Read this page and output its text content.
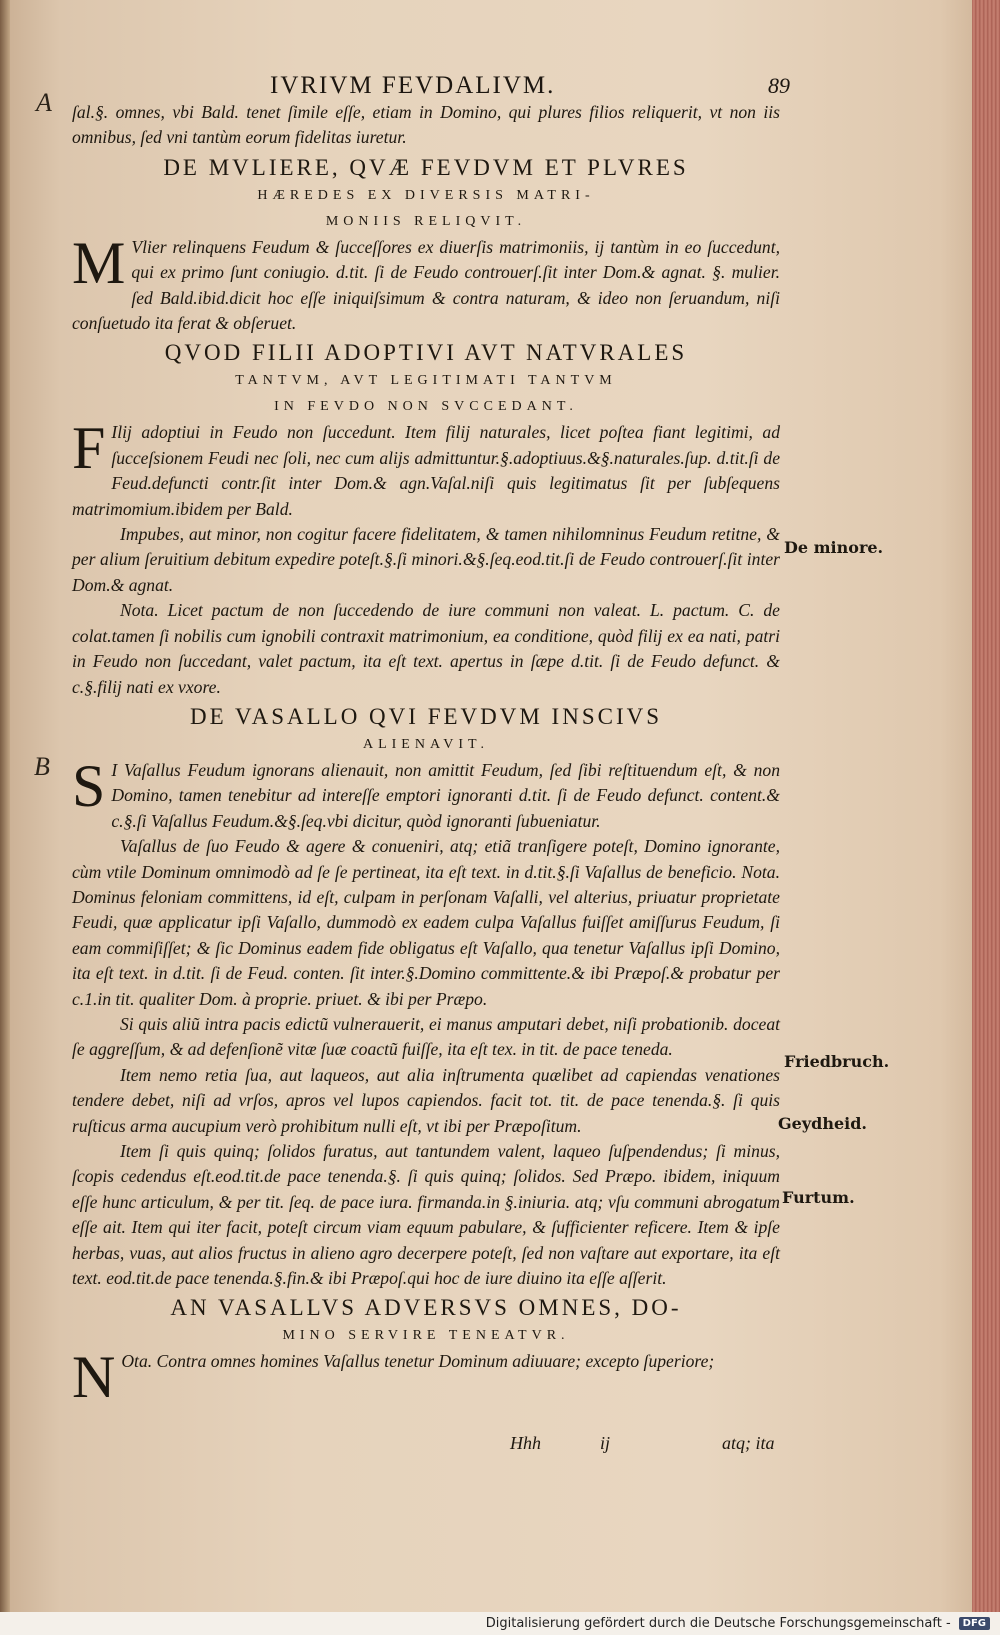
IVRIVM FEVDALIVM.	89
A
B

ſal.§. omnes, vbi Bald. tenet ſimile eſſe, etiam in Domino, qui plures filios reliquerit, vt non iis omnibus, ſed vni tantùm eorum fidelitas iuretur.

DE MVLIERE, QVÆ FEVDVM ET PLVRES

HÆREDES EX DIVERSIS MATRI-

MONIIS RELIQVIT.

M Vlier relinquens Feudum & ſucceſſores ex diuerſis matrimoniis, ij tantùm in eo ſuccedunt, qui ex primo ſunt coniugio. d.tit. ſi de Feudo controuerſ.ſit inter Dom.& agnat. §. mulier. ſed Bald.ibid.dicit hoc eſſe iniquiſsimum & contra naturam, & ideo non ſeruandum, niſi conſuetudo ita ferat & obſeruet.

QVOD FILII ADOPTIVI AVT NATVRALES

TANTVM, AVT LEGITIMATI TANTVM

IN FEVDO NON SVCCEDANT.

F Ilij adoptiui in Feudo non ſuccedunt. Item filij naturales, licet poſtea fiant legitimi, ad ſucceſsionem Feudi nec ſoli, nec cum alijs admittuntur.§.adoptiuus.&§.naturales.ſup. d.tit.ſi de Feud.defuncti contr.ſit inter Dom.& agn.Vaſal.niſi quis legitimatus ſit per ſubſequens matrimomium.ibidem per Bald.

Impubes, aut minor, non cogitur facere fidelitatem, & tamen nihilomninus Feudum retitne, & per alium ſeruitium debitum expedire poteſt.§.ſi minori.&§.ſeq.eod.tit.ſi de Feudo controuerſ.ſit inter Dom.& agnat.

Nota. Licet pactum de non ſuccedendo de iure communi non valeat. L. pactum. C. de colat.tamen ſi nobilis cum ignobili contraxit matrimonium, ea conditione, quòd filij ex ea nati, patri in Feudo non ſuccedant, valet pactum, ita eſt text. apertus in ſæpe d.tit. ſi de Feudo defunct. & c.§.filij nati ex vxore.

DE VASALLO QVI FEVDVM INSCIVS

ALIENAVIT.

S I Vaſallus Feudum ignorans alienauit, non amittit Feudum, ſed ſibi reſtituendum eſt, & non Domino, tamen tenebitur ad intereſſe emptori ignoranti d.tit. ſi de Feudo defunct. content.& c.§.ſi Vaſallus Feudum.&§.ſeq.vbi dicitur, quòd ignoranti ſubueniatur.

Vaſallus de ſuo Feudo & agere & conueniri, atq; etiã tranſigere poteſt, Domino ignorante, cùm vtile Dominum omnimodò ad ſe ſe pertineat, ita eſt text. in d.tit.§.ſi Vaſallus de beneficio. Nota. Dominus feloniam committens, id eſt, culpam in perſonam Vaſalli, vel alterius, priuatur proprietate Feudi, quæ applicatur ipſi Vaſallo, dummodò ex eadem culpa Vaſallus fuiſſet amiſſurus Feudum, ſi eam commiſiſſet; & ſic Dominus eadem fide obligatus eſt Vaſallo, qua tenetur Vaſallus ipſi Domino, ita eſt text. in d.tit. ſi de Feud. conten. ſit inter.§.Domino committente.& ibi Præpoſ.& probatur per c.1.in tit. qualiter Dom. à proprie. priuet. & ibi per Præpo.

Si quis aliũ intra pacis edictũ vulnerauerit, ei manus amputari debet, niſi probationib. doceat ſe aggreſſum, & ad defenſionẽ vitæ ſuæ coactũ fuiſſe, ita eſt tex. in tit. de pace teneda.

Item nemo retia ſua, aut laqueos, aut alia inſtrumenta quælibet ad capiendas venationes tendere debet, niſi ad vrſos, apros vel lupos capiendos. facit tot. tit. de pace tenenda.§. ſi quis ruſticus arma aucupium verò prohibitum nulli eſt, vt ibi per Præpoſitum.

Item ſi quis quinq; ſolidos furatus, aut tantundem valent, laqueo ſuſpendendus; ſi minus, ſcopis cedendus eſt.eod.tit.de pace tenenda.§. ſi quis quinq; ſolidos. Sed Præpo. ibidem, iniquum eſſe hunc articulum, & per tit. ſeq. de pace iura. firmanda.in §.iniuria. atq; vſu communi abrogatum eſſe ait. Item qui iter facit, poteſt circum viam equum pabulare, & ſufficienter reficere. Item & ipſe herbas, vuas, aut alios fructus in alieno agro decerpere poteſt, ſed non vaſtare aut exportare, ita eſt text. eod.tit.de pace tenenda.§.fin.& ibi Præpoſ.qui hoc de iure diuino ita eſſe aſſerit.

AN VASALLVS ADVERSVS OMNES, DO-

MINO SERVIRE TENEATVR.

N Ota. Contra omnes homines Vaſallus tenetur Dominum adiuuare; excepto ſuperiore;

Hhh	ij	atq; ita
De minore.
Friedbruch.
Geydheid.
Furtum.
Digitalisierung gefördert durch die Deutsche Forschungsgemeinschaft -	DFG
